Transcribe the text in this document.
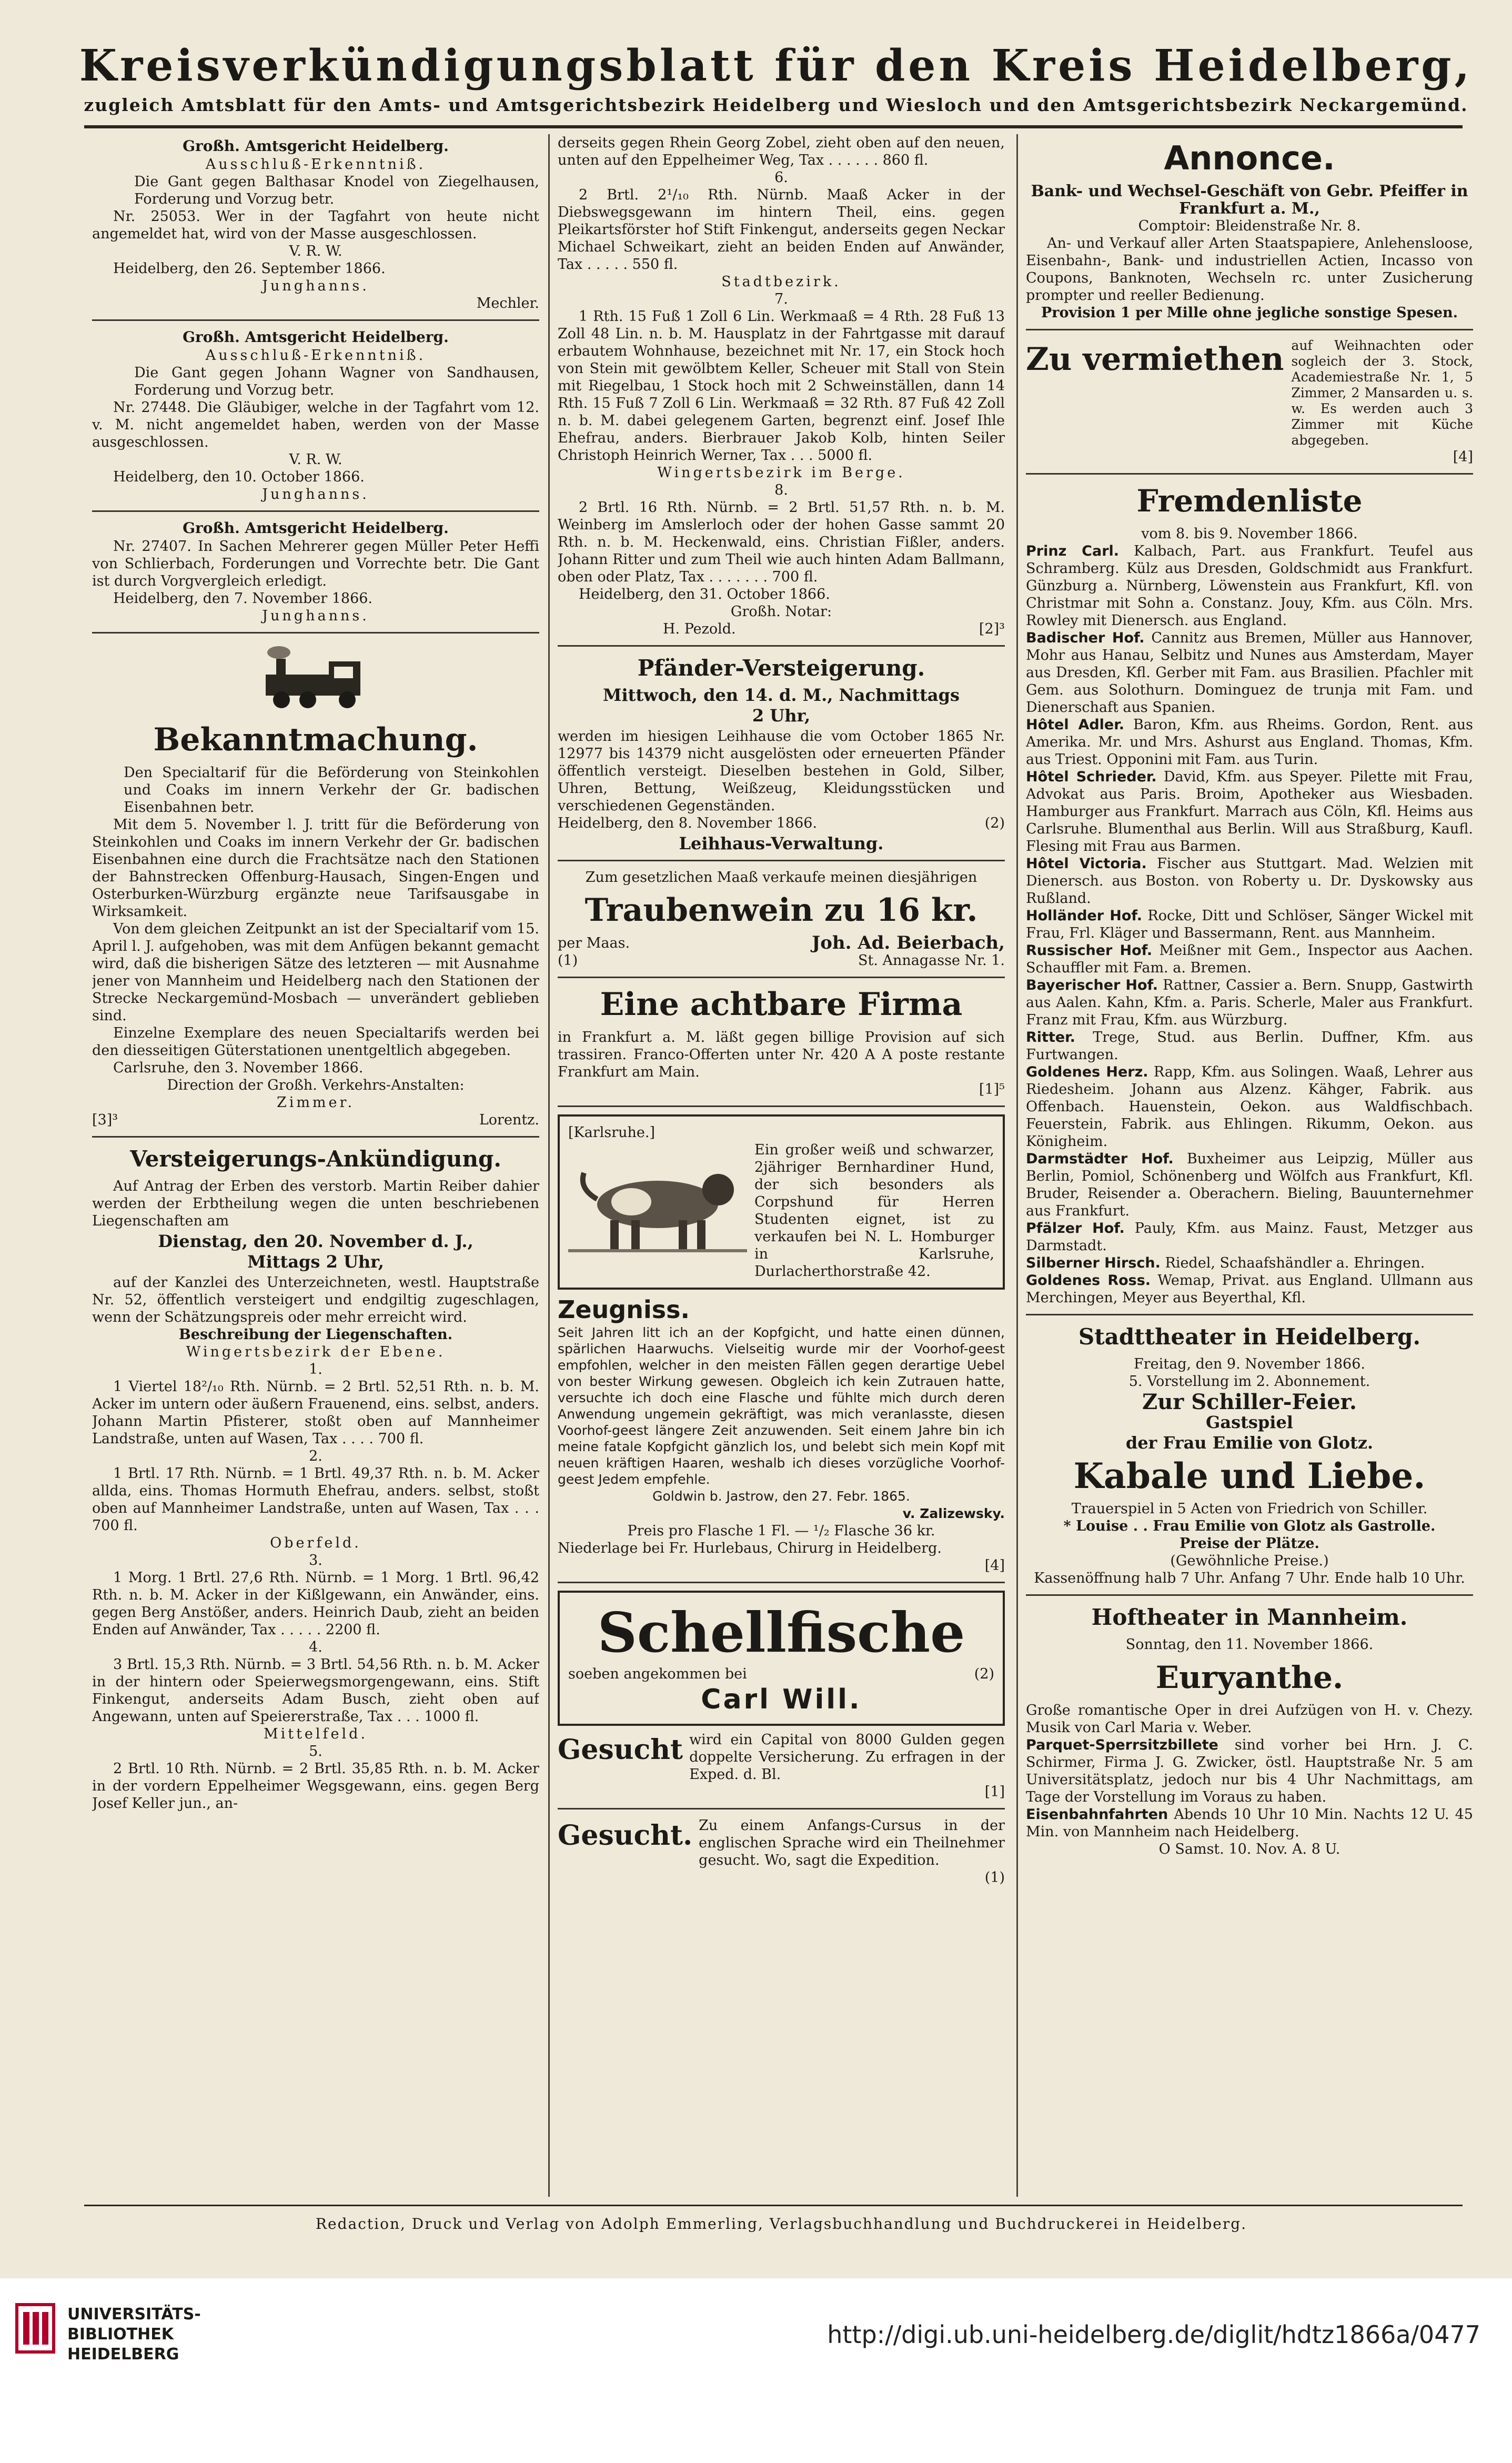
Kreisverkündigungsblatt für den Kreis Heidelberg,
zugleich Amtsblatt für den Amts- und Amtsgerichtsbezirk Heidelberg und Wiesloch und den Amtsgerichtsbezirk Neckargemünd.
Großh. Amtsgericht Heidelberg.
Ausschluß-Erkenntniß.
Die Gant gegen Balthasar Knodel von Ziegelhausen, Forderung und Vorzug betr.
Nr. 25053. Wer in der Tagfahrt von heute nicht angemeldet hat, wird von der Masse ausgeschlossen.
V. R. W.
Heidelberg, den 26. September 1866.
Junghanns.
Mechler.
Großh. Amtsgericht Heidelberg.
Ausschluß-Erkenntniß.
Die Gant gegen Johann Wagner von Sandhausen, Forderung und Vorzug betr.
Nr. 27448. Die Gläubiger, welche in der Tagfahrt vom 12. v. M. nicht angemeldet haben, werden von der Masse ausgeschlossen.
V. R. W.
Heidelberg, den 10. October 1866.
Junghanns.
Großh. Amtsgericht Heidelberg.
Nr. 27407. In Sachen Mehrerer gegen Müller Peter Heffi von Schlierbach, Forderungen und Vorrechte betr. Die Gant ist durch Vorgvergleich erledigt.
Heidelberg, den 7. November 1866.
Junghanns.
Bekanntmachung.
Den Specialtarif für die Beförderung von Steinkohlen und Coaks im innern Verkehr der Gr. badischen Eisenbahnen betr.
Mit dem 5. November l. J. tritt für die Beförderung von Steinkohlen und Coaks im innern Verkehr der Gr. badischen Eisenbahnen eine durch die Frachtsätze nach den Stationen der Bahnstrecken Offenburg-Hausach, Singen-Engen und Osterburken-Würzburg ergänzte neue Tarifsausgabe in Wirksamkeit.
Von dem gleichen Zeitpunkt an ist der Specialtarif vom 15. April l. J. aufgehoben, was mit dem Anfügen bekannt gemacht wird, daß die bisherigen Sätze des letzteren — mit Ausnahme jener von Mannheim und Heidelberg nach den Stationen der Strecke Neckargemünd-Mosbach — unverändert geblieben sind.
Einzelne Exemplare des neuen Specialtarifs werden bei den diesseitigen Güterstationen unentgeltlich abgegeben.
Carlsruhe, den 3. November 1866.
Direction der Großh. Verkehrs-Anstalten:
Zimmer.
[3]³	Lorentz.
Versteigerungs-Ankündigung.
Auf Antrag der Erben des verstorb. Martin Reiber dahier werden der Erbtheilung wegen die unten beschriebenen Liegenschaften am
Dienstag, den 20. November d. J.,
Mittags 2 Uhr,
auf der Kanzlei des Unterzeichneten, westl. Hauptstraße Nr. 52, öffentlich versteigert und endgiltig zugeschlagen, wenn der Schätzungspreis oder mehr erreicht wird.
Beschreibung der Liegenschaften.
Wingertsbezirk der Ebene.
1.
1 Viertel 18²/₁₀ Rth. Nürnb. = 2 Brtl. 52,51 Rth. n. b. M. Acker im untern oder äußern Frauenend, eins. selbst, anders. Johann Martin Pfisterer, stoßt oben auf Mannheimer Landstraße, unten auf Wasen, Tax . . . . 700 fl.
2.
1 Brtl. 17 Rth. Nürnb. = 1 Brtl. 49,37 Rth. n. b. M. Acker allda, eins. Thomas Hormuth Ehefrau, anders. selbst, stoßt oben auf Mannheimer Landstraße, unten auf Wasen, Tax . . . 700 fl.
Oberfeld.
3.
1 Morg. 1 Brtl. 27,6 Rth. Nürnb. = 1 Morg. 1 Brtl. 96,42 Rth. n. b. M. Acker in der Kißlgewann, ein Anwänder, eins. gegen Berg Anstößer, anders. Heinrich Daub, zieht an beiden Enden auf Anwänder, Tax . . . . . 2200 fl.
4.
3 Brtl. 15,3 Rth. Nürnb. = 3 Brtl. 54,56 Rth. n. b. M. Acker in der hintern oder Speierwegsmorgengewann, eins. Stift Finkengut, anderseits Adam Busch, zieht oben auf Angewann, unten auf Speiererstraße, Tax . . . 1000 fl.
Mittelfeld.
5.
2 Brtl. 10 Rth. Nürnb. = 2 Brtl. 35,85 Rth. n. b. M. Acker in der vordern Eppelheimer Wegsgewann, eins. gegen Berg Josef Keller jun., an-
derseits gegen Rhein Georg Zobel, zieht oben auf den neuen, unten auf den Eppelheimer Weg, Tax . . . . . . 860 fl.
6.
2 Brtl. 2¹/₁₀ Rth. Nürnb. Maaß Acker in der Diebswegsgewann im hintern Theil, eins. gegen Pleikartsförster hof Stift Finkengut, anderseits gegen Neckar Michael Schweikart, zieht an beiden Enden auf Anwänder, Tax . . . . . 550 fl.
Stadtbezirk.
7.
1 Rth. 15 Fuß 1 Zoll 6 Lin. Werkmaaß = 4 Rth. 28 Fuß 13 Zoll 48 Lin. n. b. M. Hausplatz in der Fahrtgasse mit darauf erbautem Wohnhause, bezeichnet mit Nr. 17, ein Stock hoch von Stein mit gewölbtem Keller, Scheuer mit Stall von Stein mit Riegelbau, 1 Stock hoch mit 2 Schweinställen, dann 14 Rth. 15 Fuß 7 Zoll 6 Lin. Werkmaaß = 32 Rth. 87 Fuß 42 Zoll n. b. M. dabei gelegenem Garten, begrenzt einf. Josef Ihle Ehefrau, anders. Bierbrauer Jakob Kolb, hinten Seiler Christoph Heinrich Werner, Tax . . . 5000 fl.
Wingertsbezirk im Berge.
8.
2 Brtl. 16 Rth. Nürnb. = 2 Brtl. 51,57 Rth. n. b. M. Weinberg im Amslerloch oder der hohen Gasse sammt 20 Rth. n. b. M. Heckenwald, eins. Christian Fißler, anders. Johann Ritter und zum Theil wie auch hinten Adam Ballmann, oben oder Platz, Tax . . . . . . . 700 fl.
Heidelberg, den 31. October 1866.
Großh. Notar:
H. Pezold.	[2]³
Pfänder-Versteigerung.
Mittwoch, den 14. d. M., Nachmittags
2 Uhr,
werden im hiesigen Leihhause die vom October 1865 Nr. 12977 bis 14379 nicht ausgelösten oder erneuerten Pfänder öffentlich versteigt. Dieselben bestehen in Gold, Silber, Uhren, Bettung, Weißzeug, Kleidungsstücken und verschiedenen Gegenständen.
Heidelberg, den 8. November 1866.	(2)
Leihhaus-Verwaltung.
Zum gesetzlichen Maaß verkaufe meinen diesjährigen
Traubenwein zu 16 kr.
per Maas.	Joh. Ad. Beierbach,
(1)	St. Annagasse Nr. 1.
Eine achtbare Firma
in Frankfurt a. M. läßt gegen billige Provision auf sich trassiren. Franco-Offerten unter Nr. 420 A A poste restante Frankfurt am Main.
[1]⁵
[Karlsruhe.]
Ein großer weiß und schwarzer, 2jähriger Bernhardiner Hund, der sich besonders als Corpshund für Herren Studenten eignet, ist zu verkaufen bei N. L. Homburger in Karlsruhe, Durlacherthorstraße 42.
Zeugniss.
Seit Jahren litt ich an der Kopfgicht, und hatte einen dünnen, spärlichen Haarwuchs. Vielseitig wurde mir der Voorhof-geest empfohlen, welcher in den meisten Fällen gegen derartige Uebel von bester Wirkung gewesen. Obgleich ich kein Zutrauen hatte, versuchte ich doch eine Flasche und fühlte mich durch deren Anwendung ungemein gekräftigt, was mich veranlasste, diesen Voorhof-geest längere Zeit anzuwenden. Seit einem Jahre bin ich meine fatale Kopfgicht gänzlich los, und belebt sich mein Kopf mit neuen kräftigen Haaren, weshalb ich dieses vorzügliche Voorhof-geest Jedem empfehle.
Goldwin b. Jastrow, den 27. Febr. 1865.
v. Zalizewsky.
Preis pro Flasche 1 Fl. — ¹/₂ Flasche 36 kr.
Niederlage bei Fr. Hurlebaus, Chirurg in Heidelberg.
[4]
Schellfische
soeben angekommen bei	(2)
Carl Will.
Gesucht wird ein Capital von 8000 Gulden gegen doppelte Versicherung. Zu erfragen in der Exped. d. Bl.
[1]
Gesucht. Zu einem Anfangs-Cursus in der englischen Sprache wird ein Theilnehmer gesucht. Wo, sagt die Expedition.
(1)
Annonce.
Bank- und Wechsel-Geschäft von Gebr. Pfeiffer in Frankfurt a. M.,
Comptoir: Bleidenstraße Nr. 8.
An- und Verkauf aller Arten Staatspapiere, Anlehensloose, Eisenbahn-, Bank- und industriellen Actien, Incasso von Coupons, Banknoten, Wechseln rc. unter Zusicherung prompter und reeller Bedienung.
Provision 1 per Mille ohne jegliche sonstige Spesen.
Zu vermiethen auf Weihnachten oder sogleich der 3. Stock, Academiestraße Nr. 1, 5 Zimmer, 2 Mansarden u. s. w. Es werden auch 3 Zimmer mit Küche abgegeben.
[4]
Fremdenliste
vom 8. bis 9. November 1866.
Prinz Carl. Kalbach, Part. aus Frankfurt. Teufel aus Schramberg. Külz aus Dresden, Goldschmidt aus Frankfurt. Günzburg a. Nürnberg, Löwenstein aus Frankfurt, Kfl. von Christmar mit Sohn a. Constanz. Jouy, Kfm. aus Cöln. Mrs. Rowley mit Dienersch. aus England.
Badischer Hof. Cannitz aus Bremen, Müller aus Hannover, Mohr aus Hanau, Selbitz und Nunes aus Amsterdam, Mayer aus Dresden, Kfl. Gerber mit Fam. aus Brasilien. Pfachler mit Gem. aus Solothurn. Dominguez de trunja mit Fam. und Dienerschaft aus Spanien.
Hôtel Adler. Baron, Kfm. aus Rheims. Gordon, Rent. aus Amerika. Mr. und Mrs. Ashurst aus England. Thomas, Kfm. aus Triest. Opponini mit Fam. aus Turin.
Hôtel Schrieder. David, Kfm. aus Speyer. Pilette mit Frau, Advokat aus Paris. Broim, Apotheker aus Wiesbaden. Hamburger aus Frankfurt. Marrach aus Cöln, Kfl. Heims aus Carlsruhe. Blumenthal aus Berlin. Will aus Straßburg, Kaufl. Flesing mit Frau aus Barmen.
Hôtel Victoria. Fischer aus Stuttgart. Mad. Welzien mit Dienersch. aus Boston. von Roberty u. Dr. Dyskowsky aus Rußland.
Holländer Hof. Rocke, Ditt und Schlöser, Sänger Wickel mit Frau, Frl. Kläger und Bassermann, Rent. aus Mannheim.
Russischer Hof. Meißner mit Gem., Inspector aus Aachen. Schauffler mit Fam. a. Bremen.
Bayerischer Hof. Rattner, Cassier a. Bern. Snupp, Gastwirth aus Aalen. Kahn, Kfm. a. Paris. Scherle, Maler aus Frankfurt. Franz mit Frau, Kfm. aus Würzburg.
Ritter. Trege, Stud. aus Berlin. Duffner, Kfm. aus Furtwangen.
Goldenes Herz. Rapp, Kfm. aus Solingen. Waaß, Lehrer aus Riedesheim. Johann aus Alzenz. Kähger, Fabrik. aus Offenbach. Hauenstein, Oekon. aus Waldfischbach. Feuerstein, Fabrik. aus Ehlingen. Rikumm, Oekon. aus Königheim.
Darmstädter Hof. Buxheimer aus Leipzig, Müller aus Berlin, Pomiol, Schönenberg und Wölfch aus Frankfurt, Kfl. Bruder, Reisender a. Oberachern. Bieling, Bauunternehmer aus Frankfurt.
Pfälzer Hof. Pauly, Kfm. aus Mainz. Faust, Metzger aus Darmstadt.
Silberner Hirsch. Riedel, Schaafshändler a. Ehringen.
Goldenes Ross. Wemap, Privat. aus England. Ullmann aus Merchingen, Meyer aus Beyerthal, Kfl.
Stadttheater in Heidelberg.
Freitag, den 9. November 1866.
5. Vorstellung im 2. Abonnement.
Zur Schiller-Feier.
Gastspiel
der Frau Emilie von Glotz.
Kabale und Liebe.
Trauerspiel in 5 Acten von Friedrich von Schiller.
* Louise . . Frau Emilie von Glotz als Gastrolle.
Preise der Plätze.
(Gewöhnliche Preise.)
Kassenöffnung halb 7 Uhr. Anfang 7 Uhr. Ende halb 10 Uhr.
Hoftheater in Mannheim.
Sonntag, den 11. November 1866.
Euryanthe.
Große romantische Oper in drei Aufzügen von H. v. Chezy. Musik von Carl Maria v. Weber.
Parquet-Sperrsitzbillete sind vorher bei Hrn. J. C. Schirmer, Firma J. G. Zwicker, östl. Hauptstraße Nr. 5 am Universitätsplatz, jedoch nur bis 4 Uhr Nachmittags, am Tage der Vorstellung im Voraus zu haben.
Eisenbahnfahrten Abends 10 Uhr 10 Min. Nachts 12 U. 45 Min. von Mannheim nach Heidelberg.
O Samst. 10. Nov. A. 8 U.
Redaction, Druck und Verlag von Adolph Emmerling, Verlagsbuchhandlung und Buchdruckerei in Heidelberg.
UNIVERSITÄTS-
BIBLIOTHEK
HEIDELBERG
http://digi.ub.uni-heidelberg.de/diglit/hdtz1866a/0477
